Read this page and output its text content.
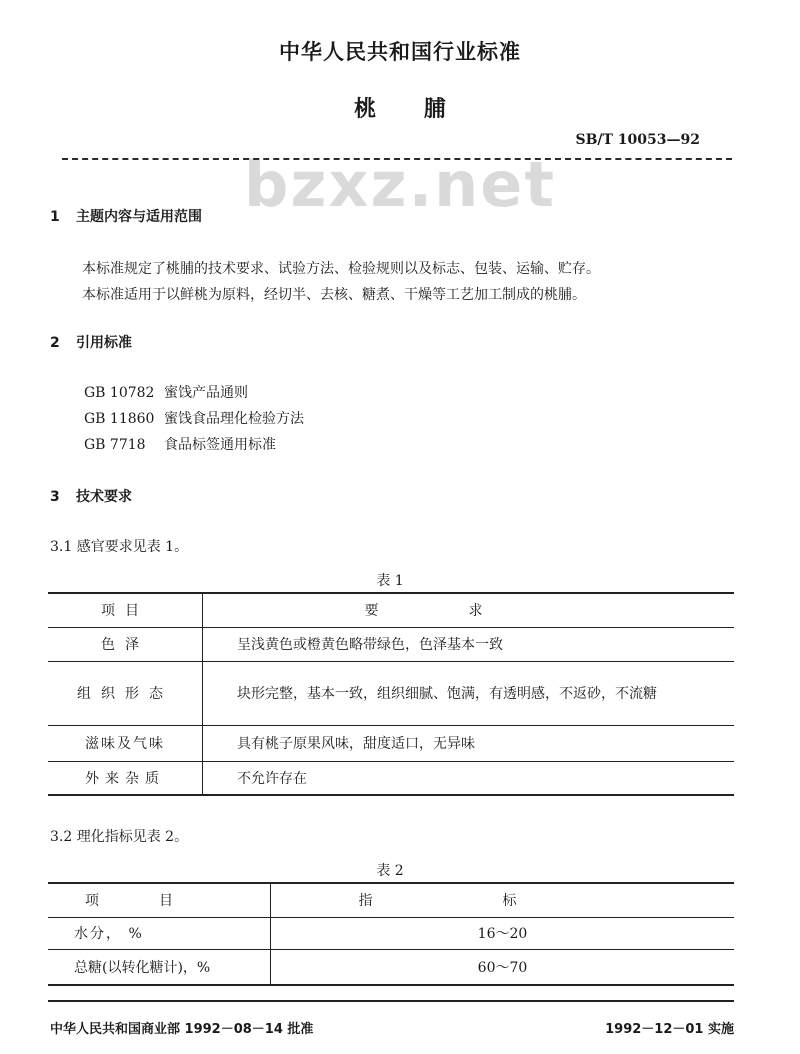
中华人民共和国行业标准
桃 脯
SB/T 10053—92
bzxz.net
1 主题内容与适用范围
本标准规定了桃脯的技术要求、试验方法、检验规则以及标志、包装、运输、贮存。
本标准适用于以鲜桃为原料，经切半、去核、糖煮、干燥等工艺加工制成的桃脯。
2 引用标准
GB 10782 蜜饯产品通则
GB 11860 蜜饯食品理化检验方法
GB 7718 食品标签通用标准
3 技术要求
3.1 感官要求见表 1。
表 1
项目	要求
色泽	呈浅黄色或橙黄色略带绿色，色泽基本一致
组织形态	块形完整，基本一致，组织细腻、饱满，有透明感，不返砂，不流糖
滋味及气味	具有桃子原果风味，甜度适口，无异味
外来杂质	不允许存在
3.2 理化指标见表 2。
表 2
项目	指标
水分， %	16～20
总糖(以转化糖计)，%	60～70
中华人民共和国商业部 1992－08－14 批准	1992－12－01 实施
